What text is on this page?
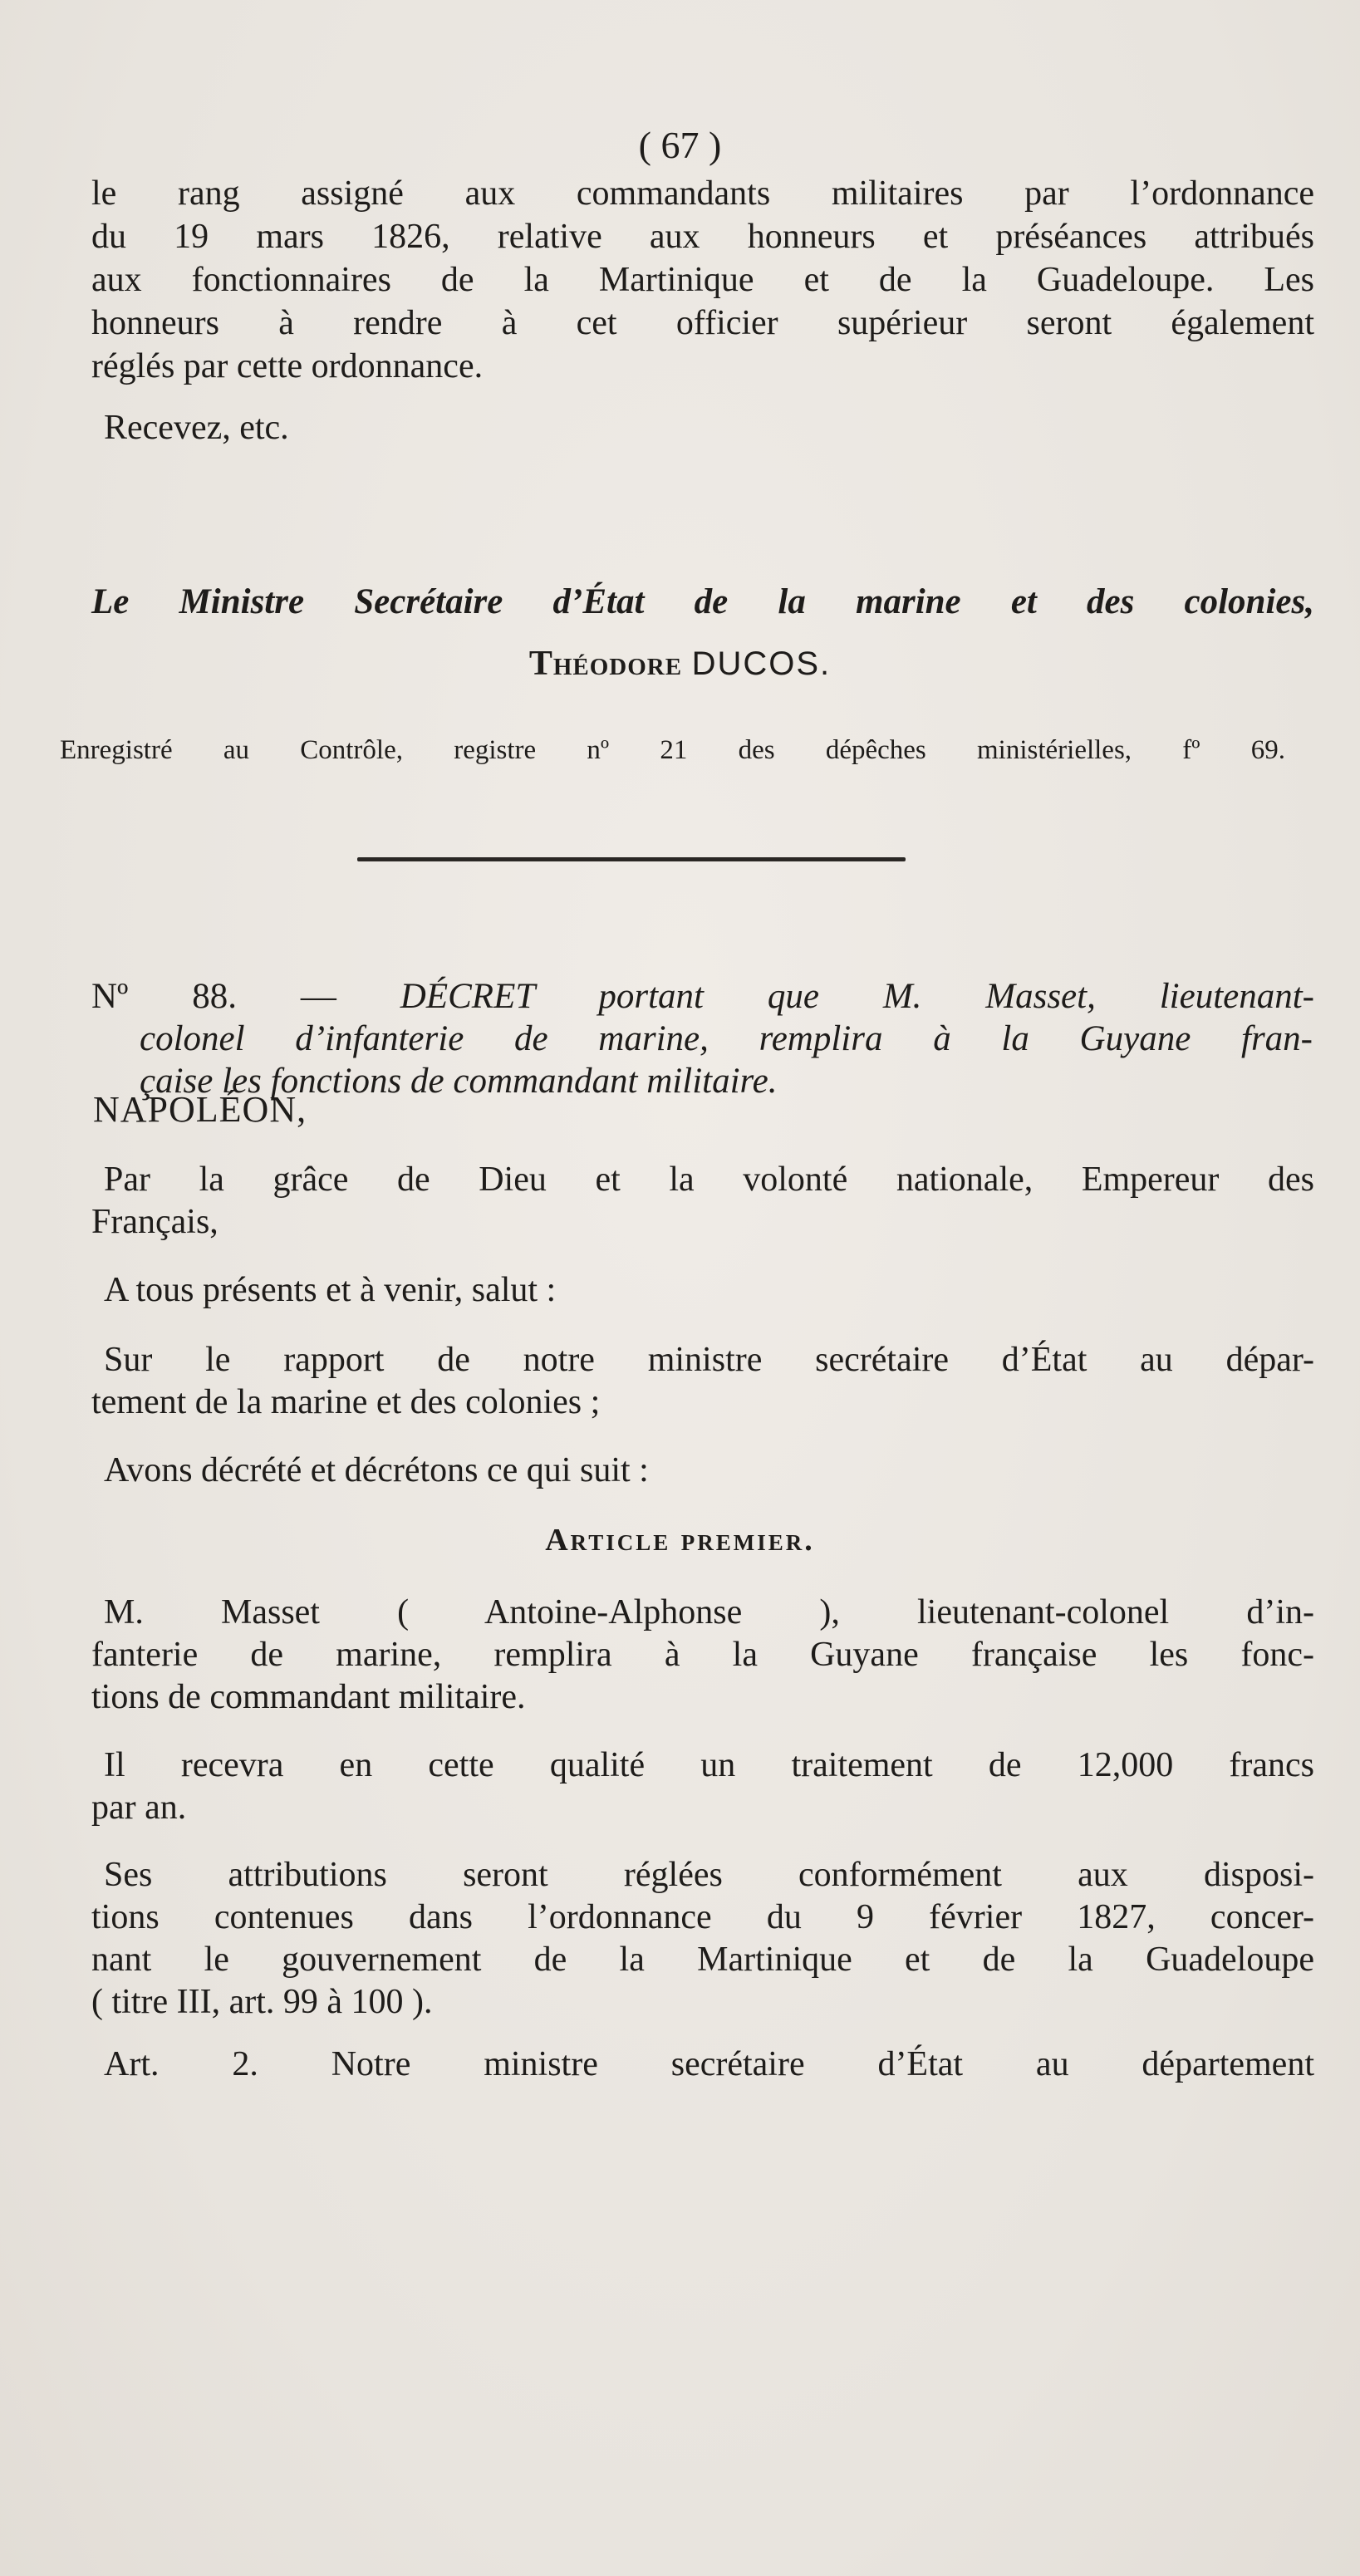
( 67 )
le rang assigné aux commandants militaires par l’ordonnance
du 19 mars 1826, relative aux honneurs et préséances attribués
aux fonctionnaires de la Martinique et de la Guadeloupe. Les
honneurs à rendre à cet officier supérieur seront également
réglés par cette ordonnance.
Recevez, etc.
Le Ministre Secrétaire d’État de la marine et des colonies,
Théodore DUCOS.
Enregistré au Contrôle, registre nº 21 des dépêches ministérielles, fº 69.
Nº 88. — DÉCRET portant que M. Masset, lieutenant-
colonel d’infanterie de marine, remplira à la Guyane fran-
çaise les fonctions de commandant militaire.
NAPOLÉON,
Par la grâce de Dieu et la volonté nationale, Empereur des
Français,
A tous présents et à venir, salut :
Sur le rapport de notre ministre secrétaire d’État au dépar-
tement de la marine et des colonies ;
Avons décrété et décrétons ce qui suit :
Article premier.
M. Masset ( Antoine-Alphonse ), lieutenant-colonel d’in-
fanterie de marine, remplira à la Guyane française les fonc-
tions de commandant militaire.
Il recevra en cette qualité un traitement de 12,000 francs
par an.
Ses attributions seront réglées conformément aux disposi-
tions contenues dans l’ordonnance du 9 février 1827, concer-
nant le gouvernement de la Martinique et de la Guadeloupe
( titre III, art. 99 à 100 ).
Art. 2. Notre ministre secrétaire d’État au département
